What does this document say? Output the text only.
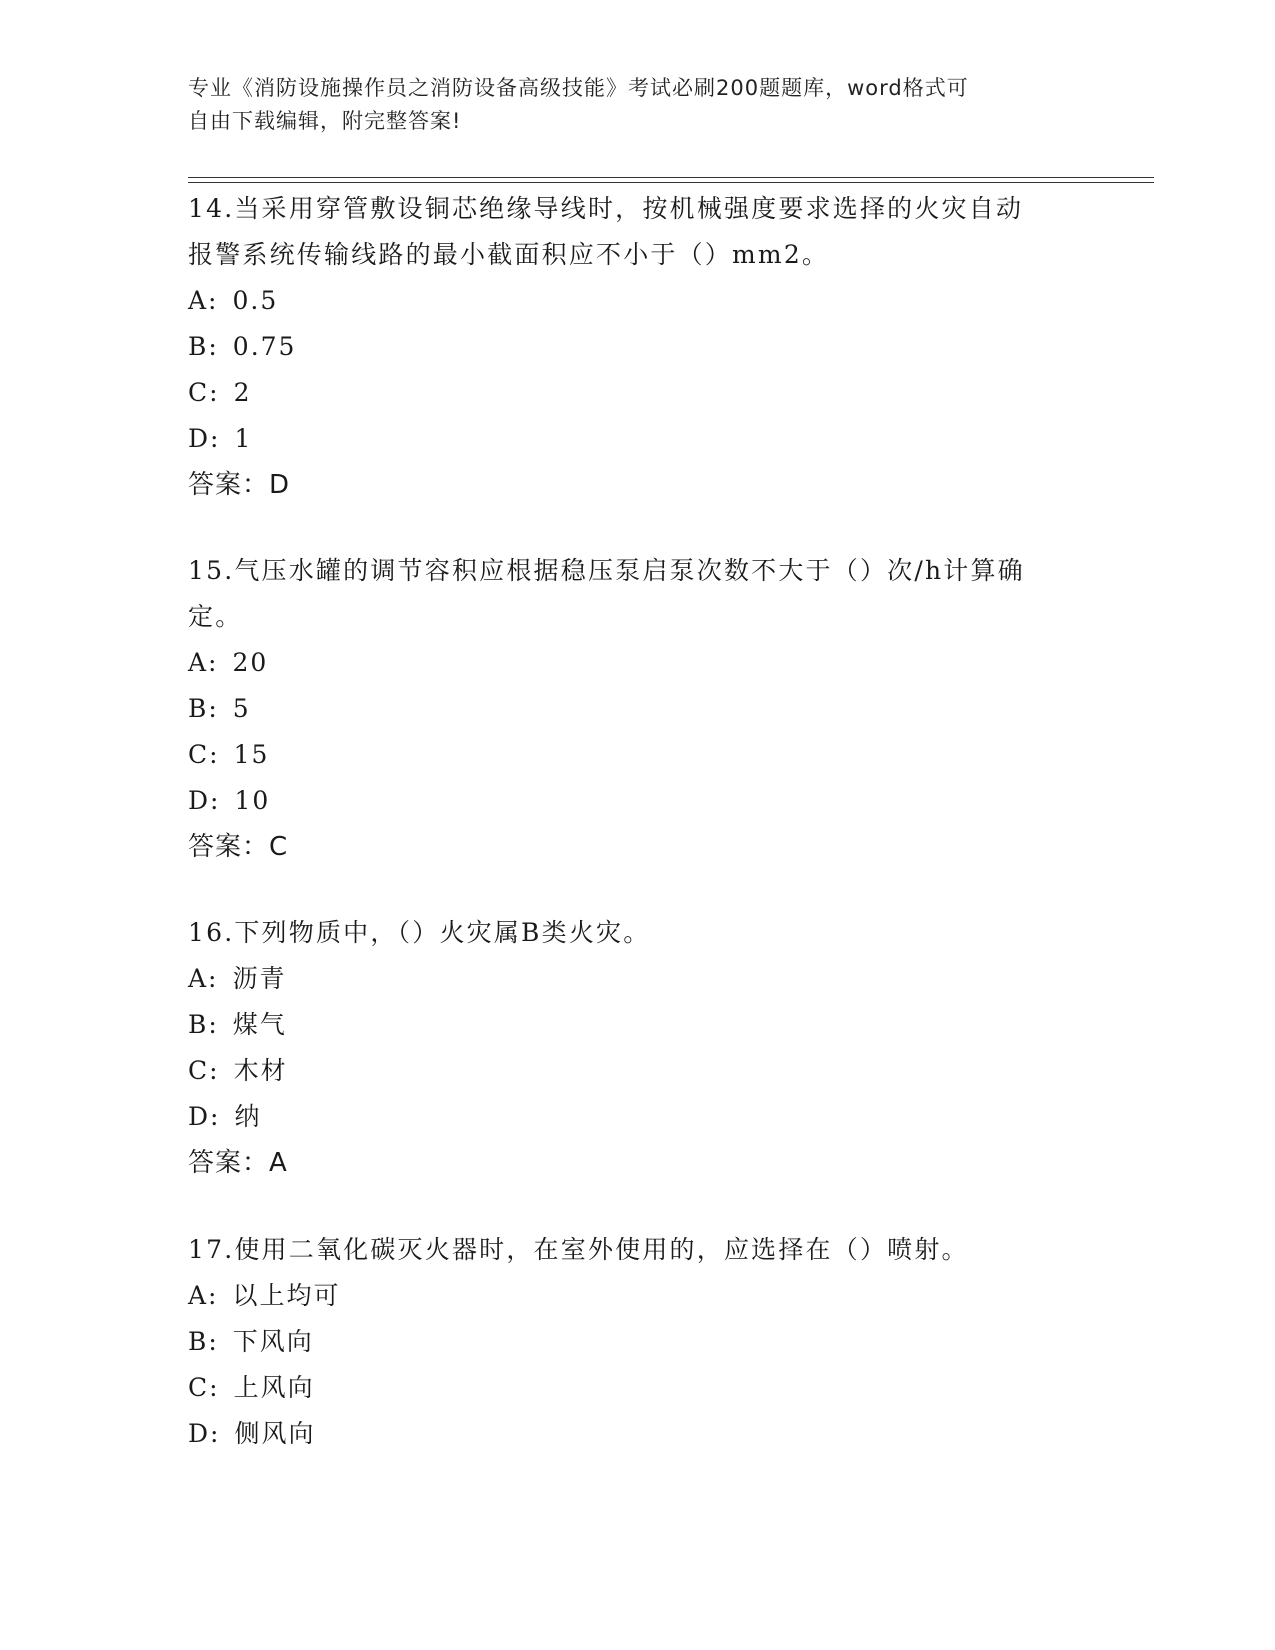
专业《消防设施操作员之消防设备高级技能》考试必刷200题题库，word格式可
自由下载编辑，附完整答案!

14.当采用穿管敷设铜芯绝缘导线时，按机械强度要求选择的火灾自动

报警系统传输线路的最小截面积应不小于（）mm2。

A: 0.5

B: 0.75

C: 2

D: 1

答案：D

15.气压水罐的调节容积应根据稳压泵启泵次数不大于（）次/h计算确

定。

A: 20

B: 5

C: 15

D: 10

答案：C

16.下列物质中，（）火灾属B类火灾。

A: 沥青

B: 煤气

C: 木材

D: 纳

答案：A

17.使用二氧化碳灭火器时，在室外使用的，应选择在（）喷射。

A: 以上均可

B: 下风向

C: 上风向

D: 侧风向
